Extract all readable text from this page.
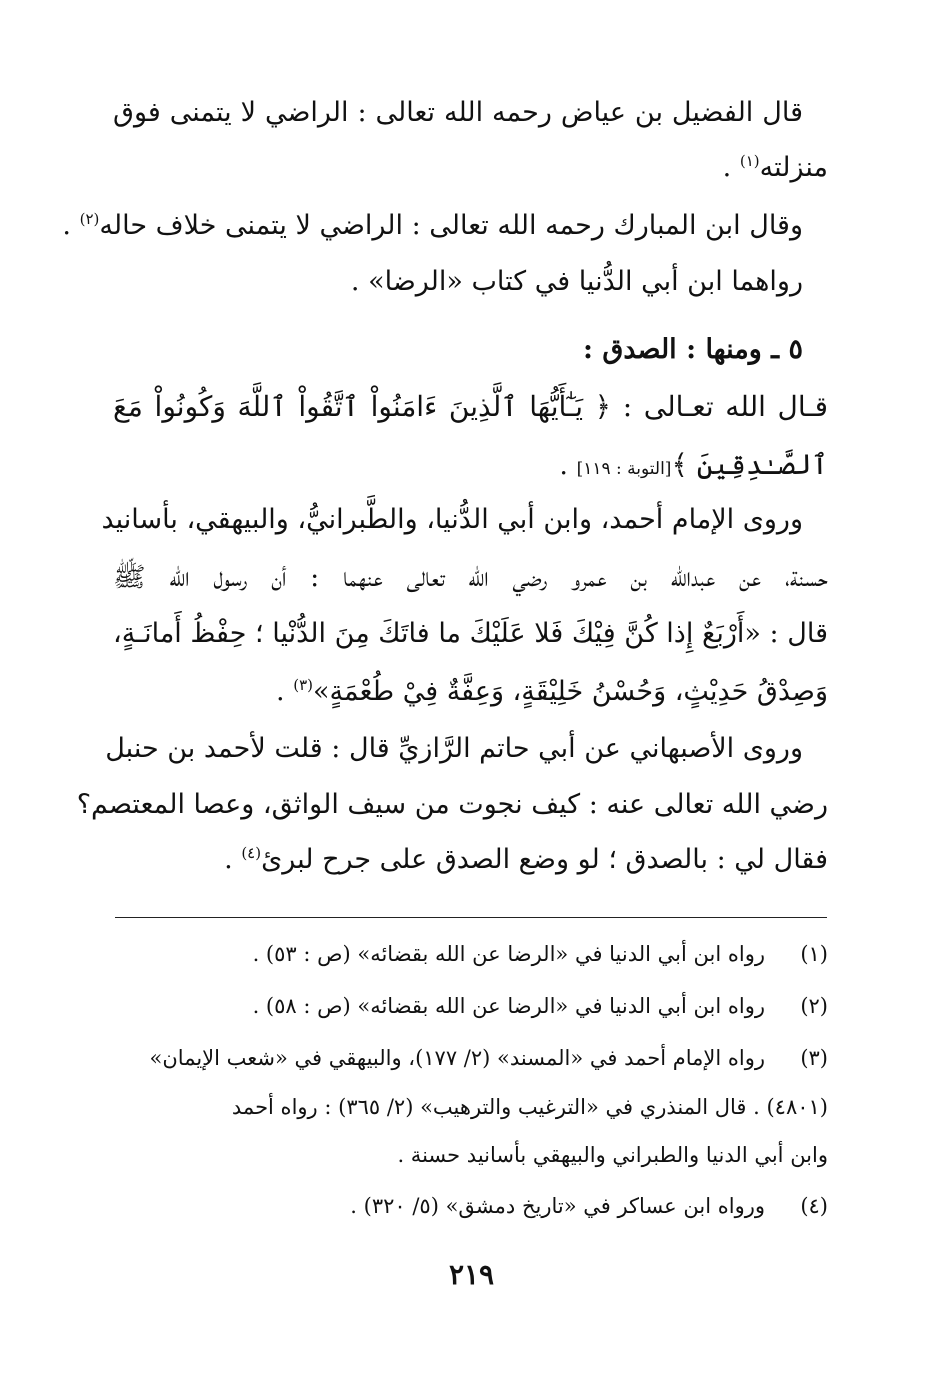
قال الفضيل بن عياض رحمه الله تعالى : الراضي لا يتمنى فوق
منزلته$^{(١)}$ .
وقال ابن المبارك رحمه الله تعالى : الراضي لا يتمنى خلاف حاله$^{(٢)}$ .
رواهما ابن أبي الدُّنيا في كتاب «الرضا» .
٥ ـ ومنها : الصدق :
قـال الله تعـالى : ﴿ يَـٰٓأَيُّهَا ٱلَّذِينَ ءَامَنُواْ ٱتَّقُواْ ٱللَّهَ وَكُونُواْ مَعَ
ٱلصَّـٰدِقِينَ ﴾[التوبة : ١١٩] .
وروى الإمام أحمد، وابن أبي الدُّنيا، والطَّبرانيُّ، والبيهقي، بأسانيد
حسنة، عن عبدالله بن عمرو رضي الله تعالى عنهما : أن رسول الله ﷺ
قال : «أَرْبَعٌ إِذا كُنَّ فِيْكَ فَلا عَلَيْكَ ما فاتَكَ مِنَ الدُّنْيا ؛ حِفْظُ أَمانَـةٍ،
وَصِدْقُ حَدِيْثٍ، وَحُسْنُ خَلِيْقَةٍ، وَعِفَّةٌ فِيْ طُعْمَةٍ»$^{(٣)}$ .
وروى الأصبهاني عن أبي حاتم الرَّازيِّ قال : قلت لأحمد بن حنبل
رضي الله تعالى عنه : كيف نجوت من سيف الواثق، وعصا المعتصم؟
فقال لي : بالصدق ؛ لو وضع الصدق على جرح لبرئ$^{(٤)}$ .
(١)
رواه ابن أبي الدنيا في «الرضا عن الله بقضائه» (ص : ٥٣) .
(٢)
رواه ابن أبي الدنيا في «الرضا عن الله بقضائه» (ص : ٥٨) .
(٣)
رواه الإمام أحمد في «المسند» (٢/ ١٧٧)، والبيهقي في «شعب الإيمان»
(٤٨٠١) . قال المنذري في «الترغيب والترهيب» (٢/ ٣٦٥) : رواه أحمد
وابن أبي الدنيا والطبراني والبيهقي بأسانيد حسنة .
(٤)
ورواه ابن عساكر في «تاريخ دمشق» (٥/ ٣٢٠) .
٢١٩
